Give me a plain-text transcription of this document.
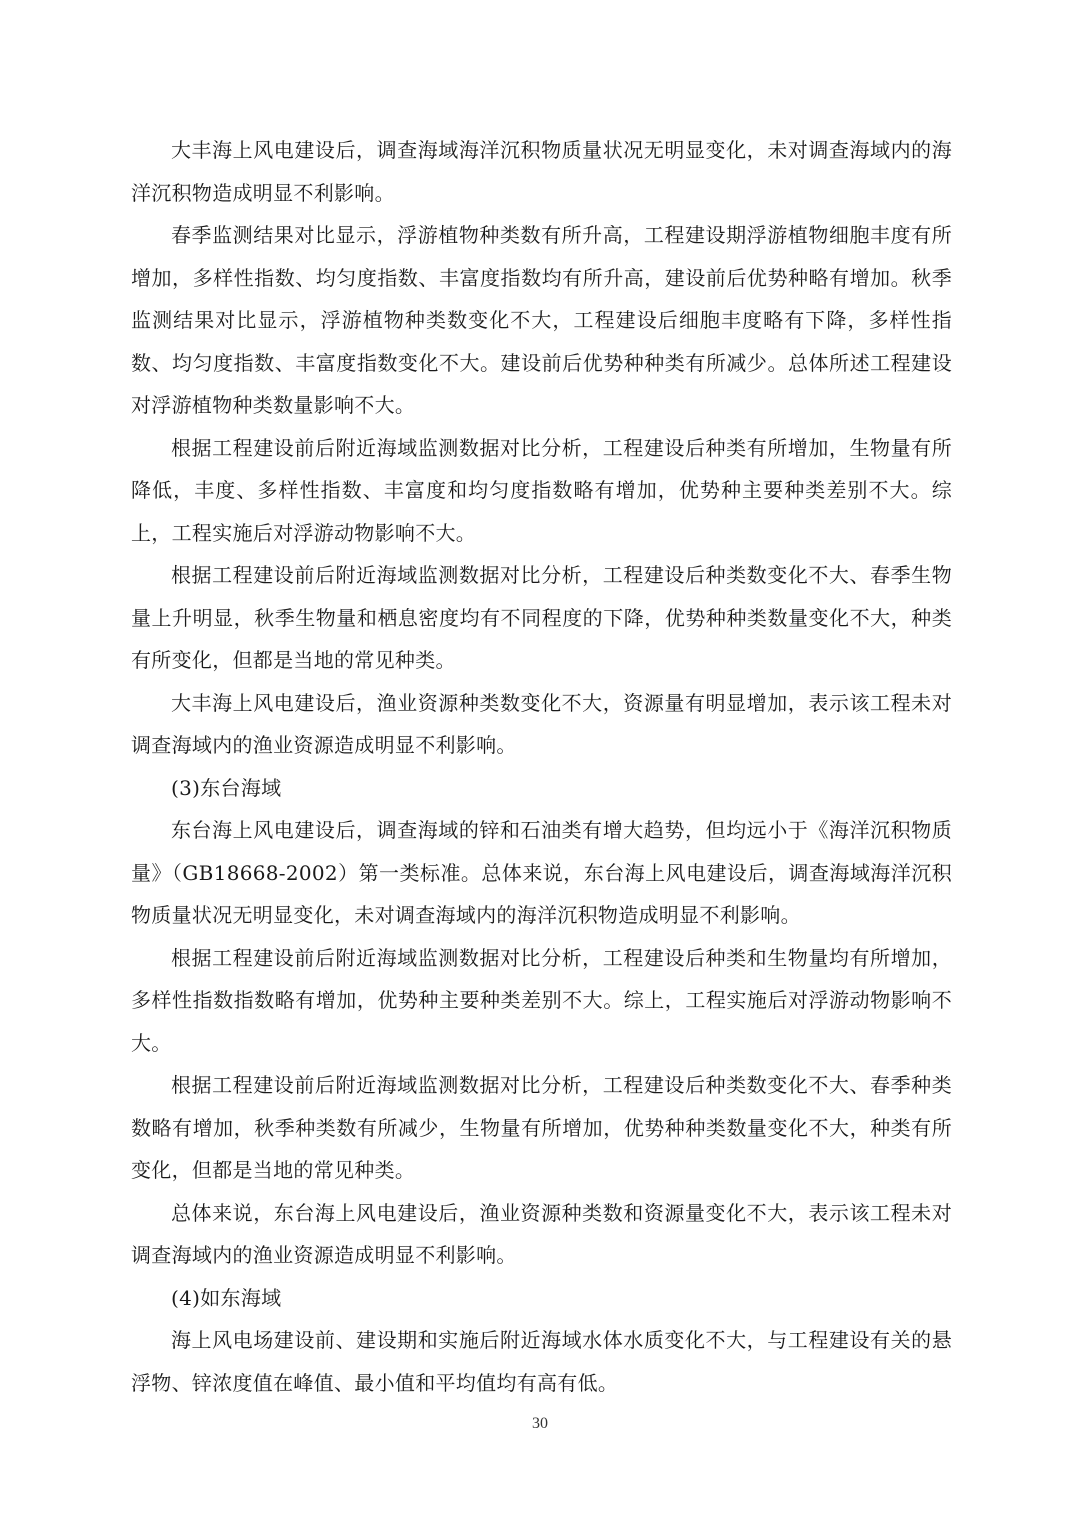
大丰海上风电建设后，调查海域海洋沉积物质量状况无明显变化，未对调查海域内的海洋沉积物造成明显不利影响。

春季监测结果对比显示，浮游植物种类数有所升高，工程建设期浮游植物细胞丰度有所增加，多样性指数、均匀度指数、丰富度指数均有所升高，建设前后优势种略有增加。秋季监测结果对比显示，浮游植物种类数变化不大，工程建设后细胞丰度略有下降，多样性指数、均匀度指数、丰富度指数变化不大。建设前后优势种种类有所减少。总体所述工程建设对浮游植物种类数量影响不大。

根据工程建设前后附近海域监测数据对比分析，工程建设后种类有所增加，生物量有所降低，丰度、多样性指数、丰富度和均匀度指数略有增加，优势种主要种类差别不大。综上，工程实施后对浮游动物影响不大。

根据工程建设前后附近海域监测数据对比分析，工程建设后种类数变化不大、春季生物量上升明显，秋季生物量和栖息密度均有不同程度的下降，优势种种类数量变化不大，种类有所变化，但都是当地的常见种类。

大丰海上风电建设后，渔业资源种类数变化不大，资源量有明显增加，表示该工程未对调查海域内的渔业资源造成明显不利影响。

(3)东台海域

东台海上风电建设后，调查海域的锌和石油类有增大趋势，但均远小于《海洋沉积物质量》（GB18668-2002）第一类标准。总体来说，东台海上风电建设后，调查海域海洋沉积物质量状况无明显变化，未对调查海域内的海洋沉积物造成明显不利影响。

根据工程建设前后附近海域监测数据对比分析，工程建设后种类和生物量均有所增加，多样性指数指数略有增加，优势种主要种类差别不大。综上，工程实施后对浮游动物影响不大。

根据工程建设前后附近海域监测数据对比分析，工程建设后种类数变化不大、春季种类数略有增加，秋季种类数有所减少，生物量有所增加，优势种种类数量变化不大，种类有所变化，但都是当地的常见种类。

总体来说，东台海上风电建设后，渔业资源种类数和资源量变化不大，表示该工程未对调查海域内的渔业资源造成明显不利影响。

(4)如东海域

海上风电场建设前、建设期和实施后附近海域水体水质变化不大，与工程建设有关的悬浮物、锌浓度值在峰值、最小值和平均值均有高有低。

30
